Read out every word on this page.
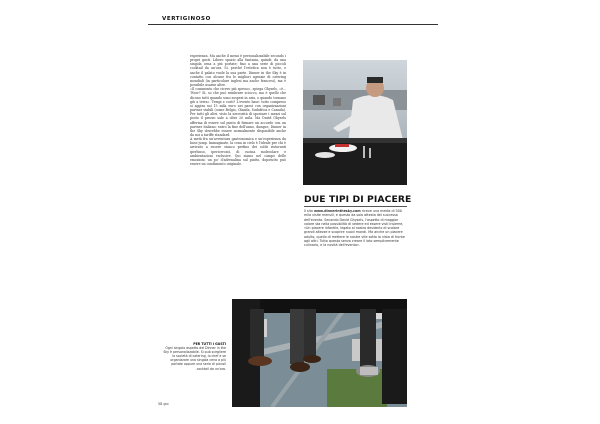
VERTIGINOSO

esperienza. Ma anche il menu è personalizzabile secondo i propri gusti. Libero spazio alla fantasia, quindi: da una singola cena a più portate; fino a una serie di piccoli cocktail da un'ora. Si, perché l'estetica non è tutto, e anche il palato vuole la sua parte. Dinner in the Sky è in contatto con alcune fra le migliori agenzie di catering mondiali (in particolare inglesi ma anche francesi), ma è possibile usarne altre.

«Il commento che ricevo più spesso», spiega Ghysels, «è... 'Wow!' Sì, so che può sembrare scioccο, ma è quello che dicono tutti quando sono sospesi in aria, o quando tornano giù a terra». Tempi e costi? L'evento base: tutto compreso si aggira sui 15 mila euro nei paesi con organizzazioni partner stabili (come Belgio, Olanda, Sudafrica e Canada). Per tutti gli altri, visto la necessità di spostare i mezzi sul posto il prezzo sale a oltre 20 mila. Ma David Ghysels afferma di essere sul punto di firmare un accordo con un partner italiano: entro la fine dell'anno, dunque, Dinner in the Sky dovrebbe essere normalmente disponibile anche da noi a tariffe standard.

A metà fra un'avventura gastronomica e un'esperienza da base jump. Immaginate, la cena in cielo è l'ideale per chi è arrivato a essere stanco perfino dei soliti ristoranti iperlusso, ipericercati, di cucina molecolare e ambientazioni esclusive. Qui siamo nel campo delle emozioni: un po' d'adrenalina sul piatto, dopotutto può essere un condimento originale.

DUE TIPI DI PIACERE
Il sito www.dinnerinthesky.com riceve una media di 300 mila visite mensili, e questo da solo attesta del successo dell'evento. Secondo David Ghysels, l'aspetto di maggior valore sta nella possibilità di vedere ed essere visti insieme, «Un piacere infantile, legato al nostro desiderio di scalare grandi altezze e scoprire nuovi mondi. Ma anche un piacere adulto, quello di mettere le nostre vite sotto la vista di fronte agli altri. Tutto questo senza creare il lato semplicemente culinario, e la novità dell'evento».
PER TUTTI I GUSTI
Ogni singolo aspetto del Dinner in the Sky è personalizzabile. Si può scegliere la società di catering, lo chef e se organizzare una singola cena a più portate oppure una serie di piccoli cocktail da un'ora.
58 gio
